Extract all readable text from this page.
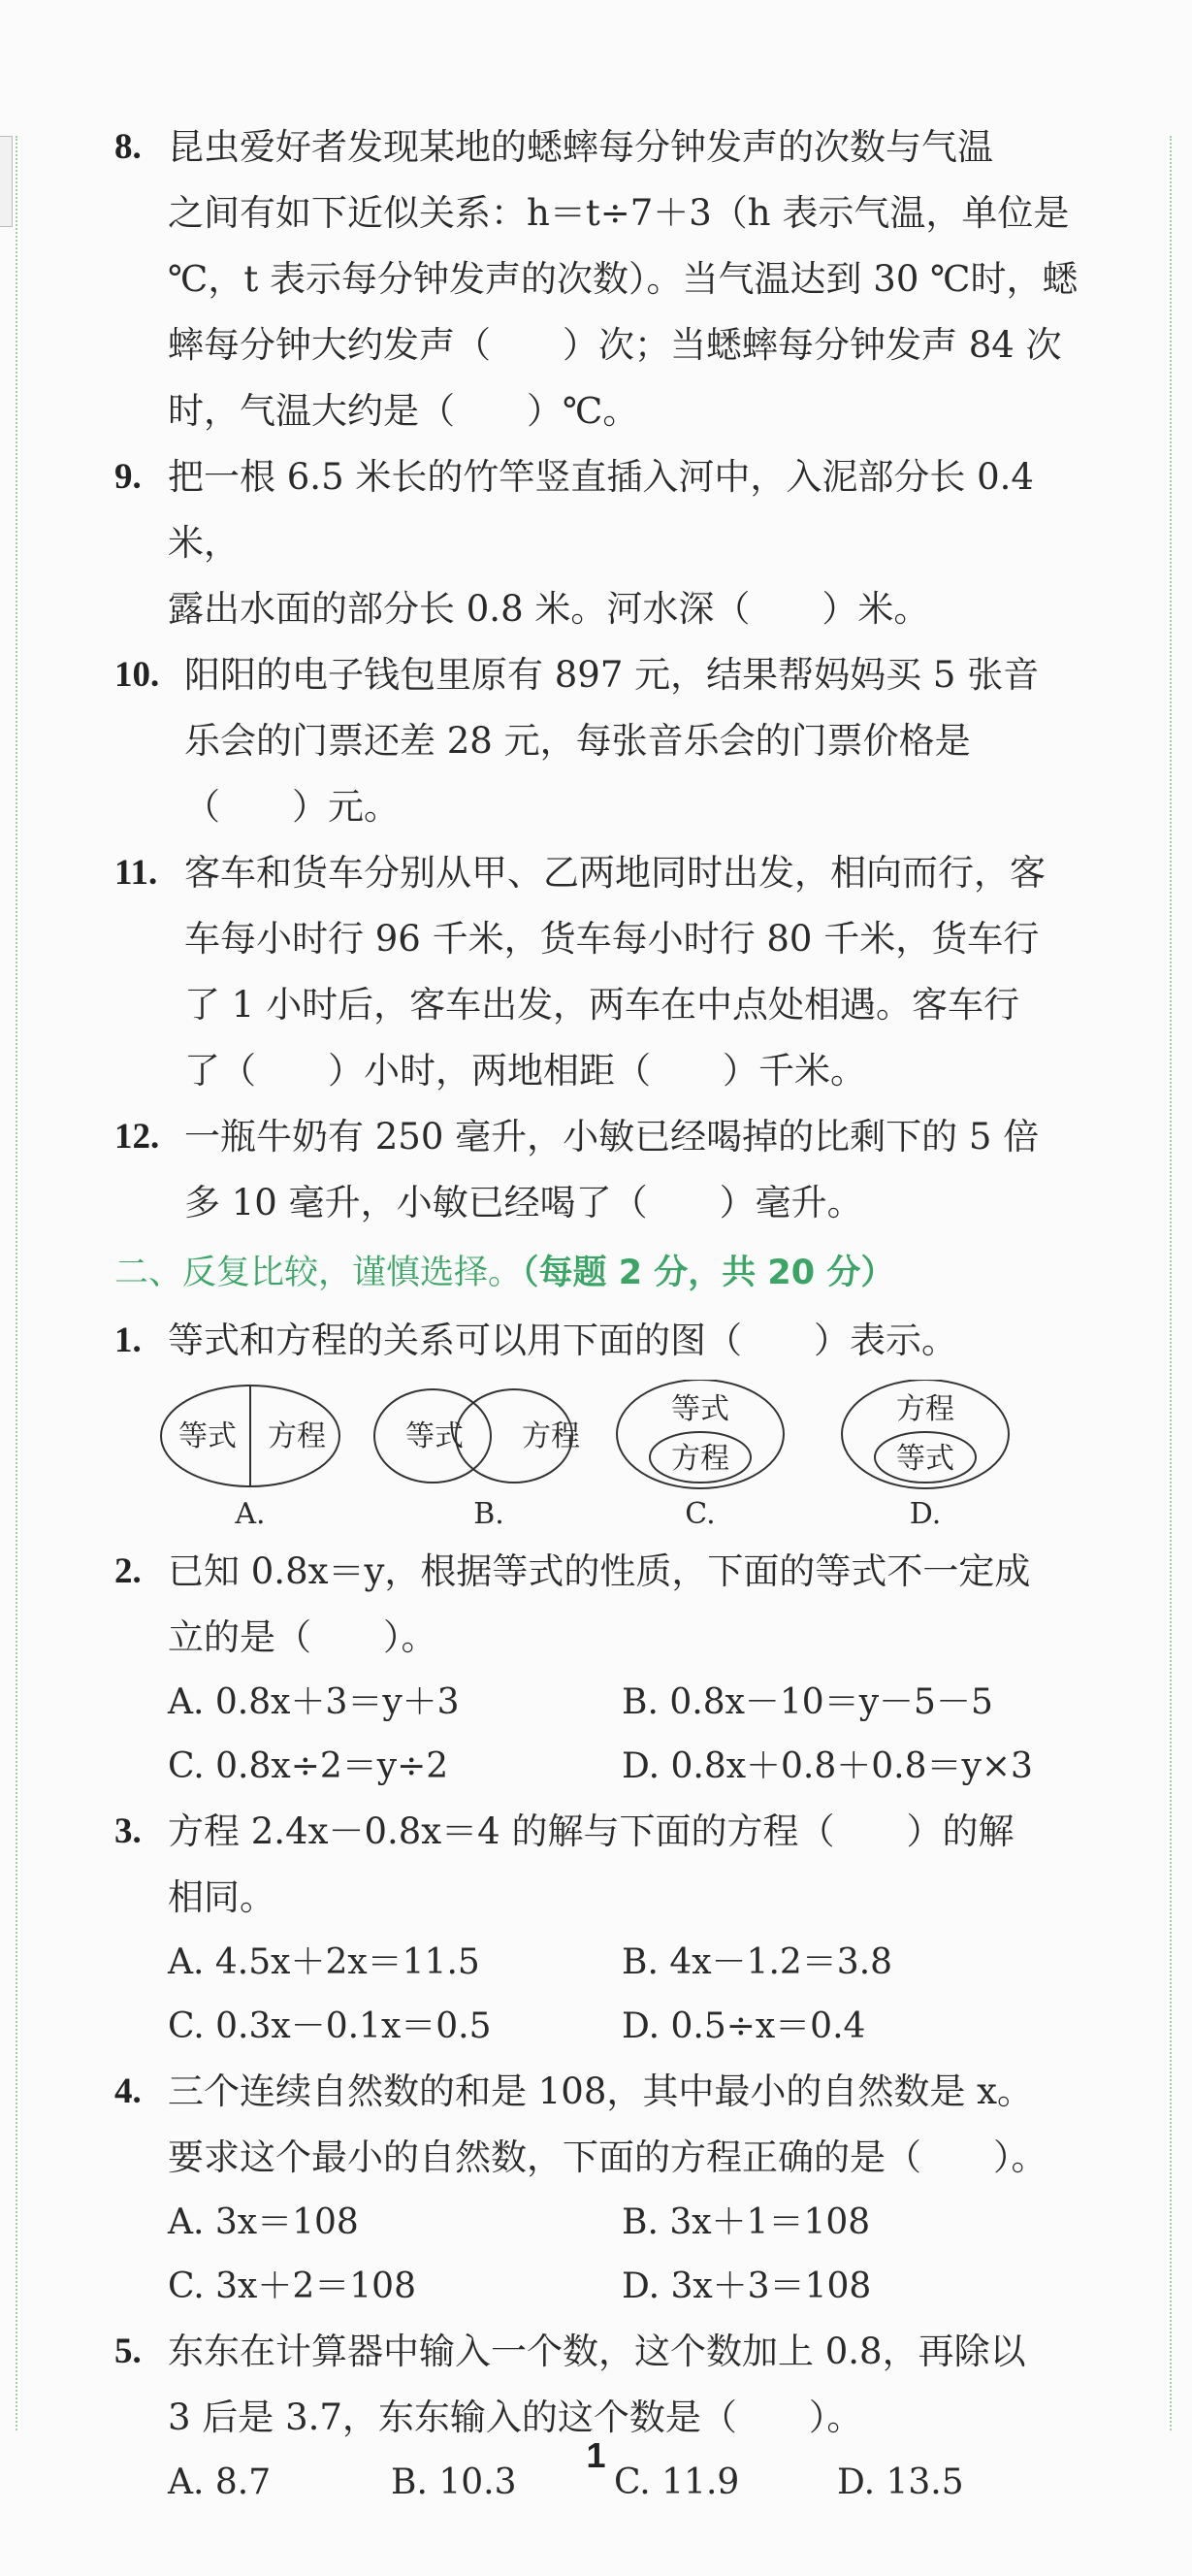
8. 昆虫爱好者发现某地的蟋蟀每分钟发声的次数与气温

之间有如下近似关系：h＝t÷7＋3（h 表示气温，单位是

℃，t 表示每分钟发声的次数）。当气温达到 30 ℃时，蟋

蟀每分钟大约发声（　　）次；当蟋蟀每分钟发声 84 次

时，气温大约是（　　）℃。

9. 把一根 6.5 米长的竹竿竖直插入河中，入泥部分长 0.4 米，

露出水面的部分长 0.8 米。河水深（　　）米。

10. 阳阳的电子钱包里原有 897 元，结果帮妈妈买 5 张音

乐会的门票还差 28 元，每张音乐会的门票价格是

（　　）元。

11. 客车和货车分别从甲、乙两地同时出发，相向而行，客

车每小时行 96 千米，货车每小时行 80 千米，货车行

了 1 小时后，客车出发，两车在中点处相遇。客车行

了（　　）小时，两地相距（　　）千米。

12. 一瓶牛奶有 250 毫升，小敏已经喝掉的比剩下的 5 倍

多 10 毫升，小敏已经喝了（　　）毫升。

二、反复比较，谨慎选择。（每题 2 分，共 20 分）
1. 等式和方程的关系可以用下面的图（　　）表示。

等式 方程
A.
等式 方程
B.
等式
方程
C.
方程
等式
D.
2. 已知 0.8x＝y，根据等式的性质，下面的等式不一定成

立的是（　　）。

A. 0.8x＋3＝y＋3	B. 0.8x－10＝y－5－5
C. 0.8x÷2＝y÷2	D. 0.8x＋0.8＋0.8＝y×3
3. 方程 2.4x－0.8x＝4 的解与下面的方程（　　）的解

相同。

A. 4.5x＋2x＝11.5	B. 4x－1.2＝3.8
C. 0.3x－0.1x＝0.5	D. 0.5÷x＝0.4
4. 三个连续自然数的和是 108，其中最小的自然数是 x。

要求这个最小的自然数，下面的方程正确的是（　　）。

A. 3x＝108	B. 3x＋1＝108
C. 3x＋2＝108	D. 3x＋3＝108
5. 东东在计算器中输入一个数，这个数加上 0.8，再除以

3 后是 3.7，东东输入的这个数是（　　）。

A. 8.7	B. 10.3	C. 11.9	D. 13.5
1
